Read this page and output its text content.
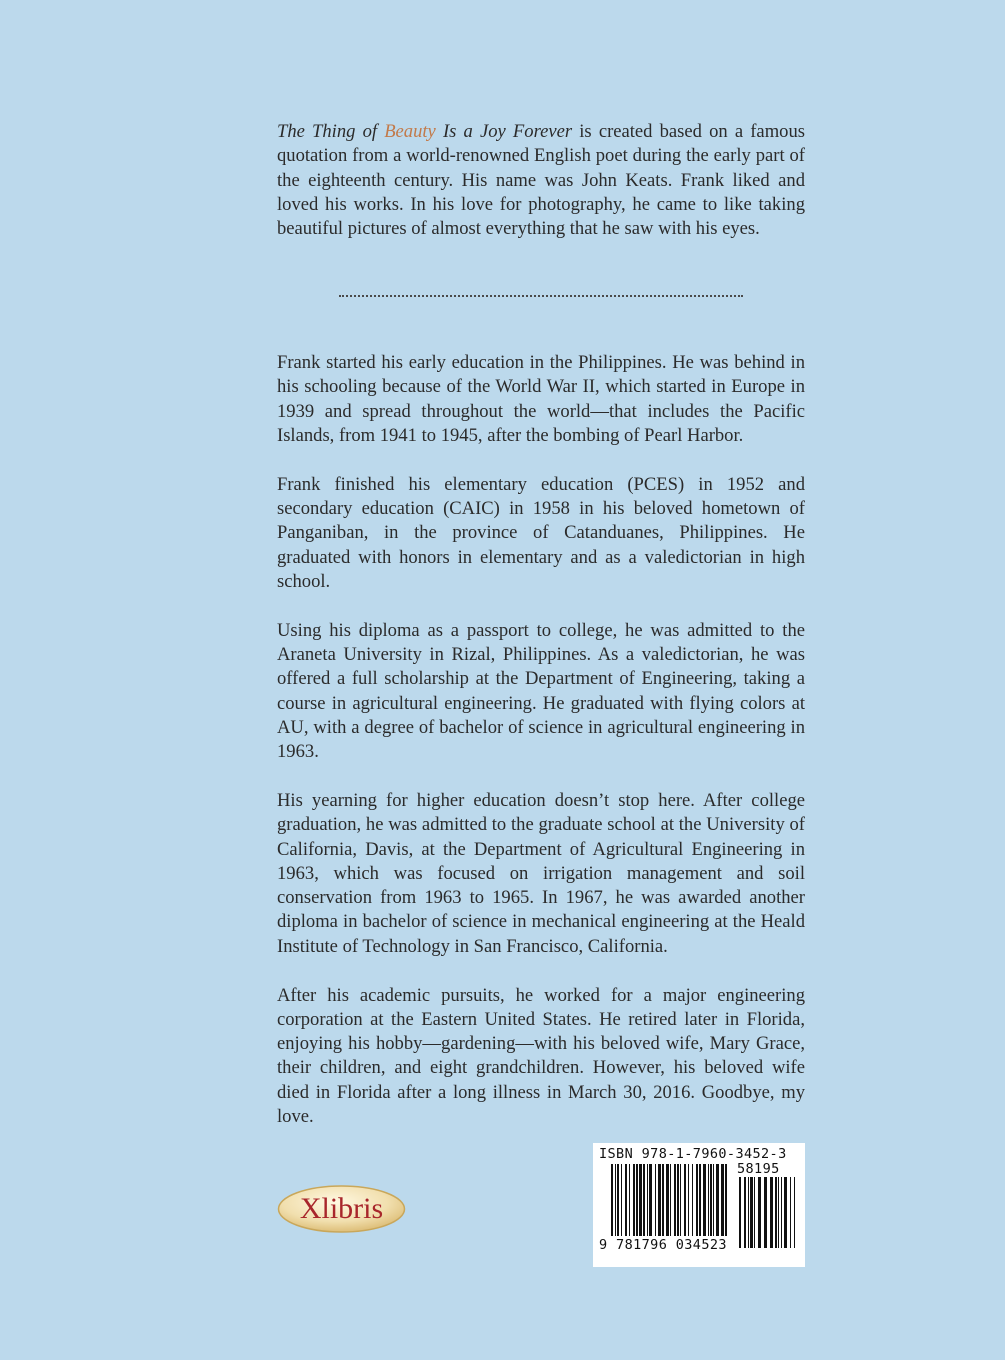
The Thing of Beauty Is a Joy Forever is created based on a famous quotation from a world-renowned English poet during the early part of the eighteenth century. His name was John Keats. Frank liked and loved his works. In his love for photography, he came to like taking beautiful pictures of almost everything that he saw with his eyes.

Frank started his early education in the Philippines. He was behind in his schooling because of the World War II, which started in Europe in 1939 and spread throughout the world—that includes the Pacific Islands, from 1941 to 1945, after the bombing of Pearl Harbor.

Frank finished his elementary education (PCES) in 1952 and secondary education (CAIC) in 1958 in his beloved hometown of Panganiban, in the province of Catanduanes, Philippines. He graduated with honors in elementary and as a valedictorian in high school.

Using his diploma as a passport to college, he was admitted to the Araneta University in Rizal, Philippines. As a valedictorian, he was offered a full scholarship at the Department of Engineering, taking a course in agricultural engineering. He graduated with flying colors at AU, with a degree of bachelor of science in agricultural engineering in 1963.

His yearning for higher education doesn’t stop here. After college graduation, he was admitted to the graduate school at the University of California, Davis, at the Department of Agricultural Engineering in 1963, which was focused on irrigation management and soil conservation from 1963 to 1965. In 1967, he was awarded another diploma in bachelor of science in mechanical engineering at the Heald Institute of Technology in San Francisco, California.

After his academic pursuits, he worked for a major engineering corporation at the Eastern United States. He retired later in Florida, enjoying his hobby—gardening—with his beloved wife, Mary Grace, their children, and eight grandchildren. However, his beloved wife died in Florida after a long illness in March 30, 2016. Goodbye, my love.

Xlibris
ISBN 978-1-7960-3452-3
58195
9 781796 034523
